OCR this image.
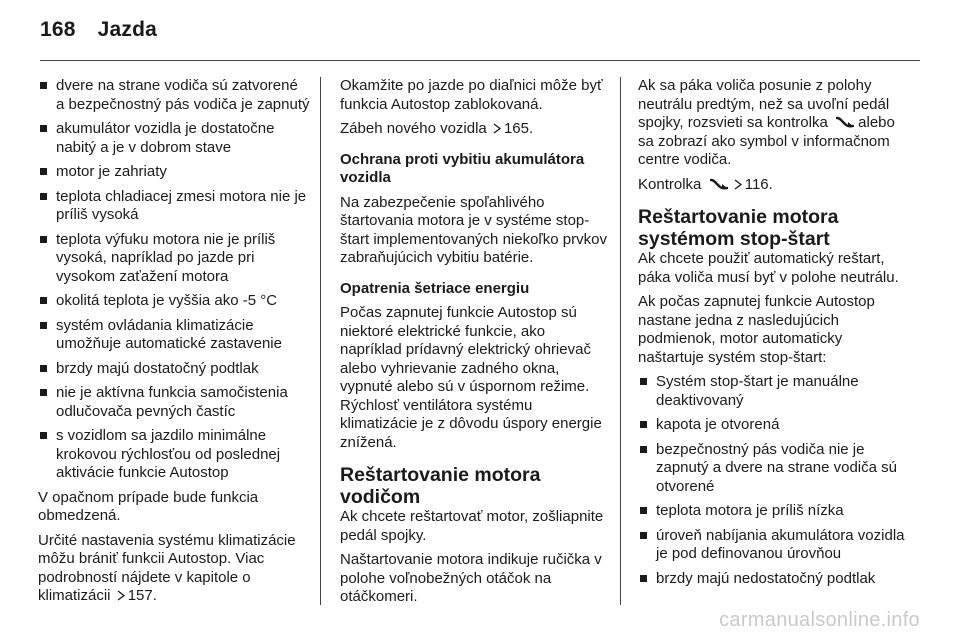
168 Jazda
dvere na strane vodiča sú zatvorené a bezpečnostný pás vodiča je zapnutý
akumulátor vozidla je dostatočne nabitý a je v dobrom stave
motor je zahriaty
teplota chladiacej zmesi motora nie je príliš vysoká
teplota výfuku motora nie je príliš vysoká, napríklad po jazde pri vysokom zaťažení motora
okolitá teplota je vyššia ako -5 °C
systém ovládania klimatizácie umožňuje automatické zastavenie
brzdy majú dostatočný podtlak
nie je aktívna funkcia samočistenia odlučovača pevných častíc
s vozidlom sa jazdilo minimálne krokovou rýchlosťou od poslednej aktivácie funkcie Autostop

V opačnom prípade bude funkcia obmedzená.

Určité nastavenia systému klimatizácie môžu brániť funkcii Autostop. Viac podrobností nájdete v kapitole o klimatizácii 157.

Okamžite po jazde po diaľnici môže byť funkcia Autostop zablokovaná.

Zábeh nového vozidla 165.

Ochrana proti vybitiu akumulátora vozidla

Na zabezpečenie spoľahlivého štartovania motora je v systéme stop-štart implementovaných niekoľko prvkov zabraňujúcich vybitiu batérie.

Opatrenia šetriace energiu

Počas zapnutej funkcie Autostop sú niektoré elektrické funkcie, ako napríklad prídavný elektrický ohrievač alebo vyhrievanie zadného okna, vypnuté alebo sú v úspornom režime. Rýchlosť ventilátora systému klimatizácie je z dôvodu úspory energie znížená.

Reštartovanie motora vodičom

Ak chcete reštartovať motor, zošliapnite pedál spojky.

Naštartovanie motora indikuje ručička v polohe voľnobežných otáčok na otáčkomeri.

Ak sa páka voliča posunie z polohy neutrálu predtým, než sa uvoľní pedál spojky, rozsvieti sa kontrolka alebo sa zobrazí ako symbol v informačnom centre vodiča.

Kontrolka	116.

Reštartovanie motora systémom stop-štart

Ak chcete použiť automatický reštart, páka voliča musí byť v polohe neutrálu.

Ak počas zapnutej funkcie Autostop nastane jedna z nasledujúcich podmienok, motor automaticky naštartuje systém stop-štart:

Systém stop-štart je manuálne deaktivovaný
kapota je otvorená
bezpečnostný pás vodiča nie je zapnutý a dvere na strane vodiča sú otvorené
teplota motora je príliš nízka
úroveň nabíjania akumulátora vozidla je pod definovanou úrovňou
brzdy majú nedostatočný podtlak
carmanualsonline.info
